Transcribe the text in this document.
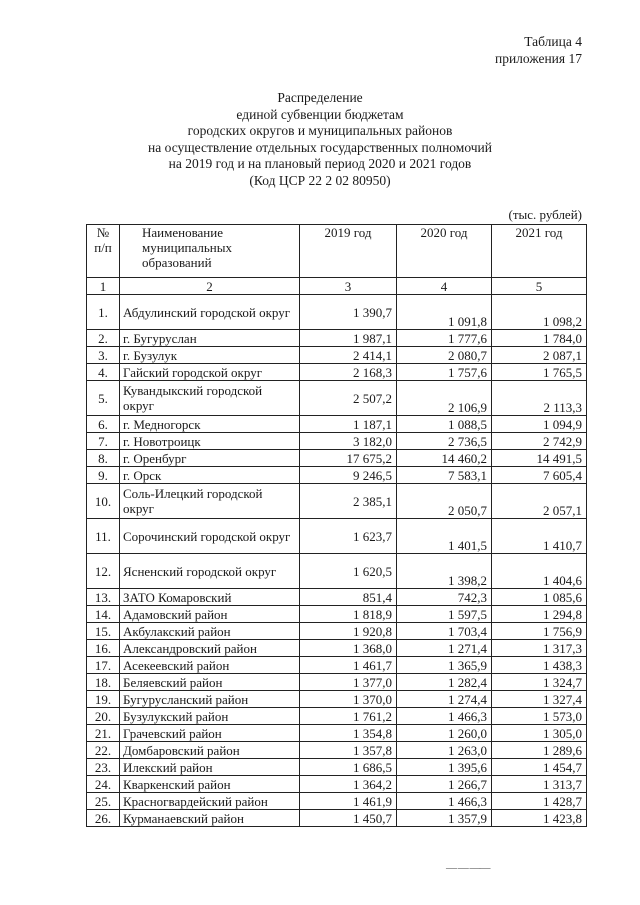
Таблица 4
приложения 17
Распределение
единой субвенции бюджетам
городских округов и муниципальных районов
на осуществление отдельных государственных полномочий
на 2019 год и на плановый период 2020 и 2021 годов
(Код ЦСР 22 2 02 80950)
(тыс. рублей)
№ п/п	Наименование муниципальных образований	2019 год	2020 год	2021 год
1	2	3	4	5
1.	Абдулинский городской округ	1 390,7	1 091,8	1 098,2
2.	г. Бугуруслан	1 987,1	1 777,6	1 784,0
3.	г. Бузулук	2 414,1	2 080,7	2 087,1
4.	Гайский городской округ	2 168,3	1 757,6	1 765,5
5.	Кувандыкский городской округ	2 507,2	2 106,9	2 113,3
6.	г. Медногорск	1 187,1	1 088,5	1 094,9
7.	г. Новотроицк	3 182,0	2 736,5	2 742,9
8.	г. Оренбург	17 675,2	14 460,2	14 491,5
9.	г. Орск	9 246,5	7 583,1	7 605,4
10.	Соль-Илецкий городской округ	2 385,1	2 050,7	2 057,1
11.	Сорочинский городской округ	1 623,7	1 401,5	1 410,7
12.	Ясненский городской округ	1 620,5	1 398,2	1 404,6
13.	ЗАТО Комаровский	851,4	742,3	1 085,6
14.	Адамовский район	1 818,9	1 597,5	1 294,8
15.	Акбулакский район	1 920,8	1 703,4	1 756,9
16.	Александровский район	1 368,0	1 271,4	1 317,3
17.	Асекеевский район	1 461,7	1 365,9	1 438,3
18.	Беляевский район	1 377,0	1 282,4	1 324,7
19.	Бугурусланский район	1 370,0	1 274,4	1 327,4
20.	Бузулукский район	1 761,2	1 466,3	1 573,0
21.	Грачевский район	1 354,8	1 260,0	1 305,0
22.	Домбаровский район	1 357,8	1 263,0	1 289,6
23.	Илекский район	1 686,5	1 395,6	1 454,7
24.	Кваркенский район	1 364,2	1 266,7	1 313,7
25.	Красногвардейский район	1 461,9	1 466,3	1 428,7
26.	Курманаевский район	1 450,7	1 357,9	1 423,8
— — ——
